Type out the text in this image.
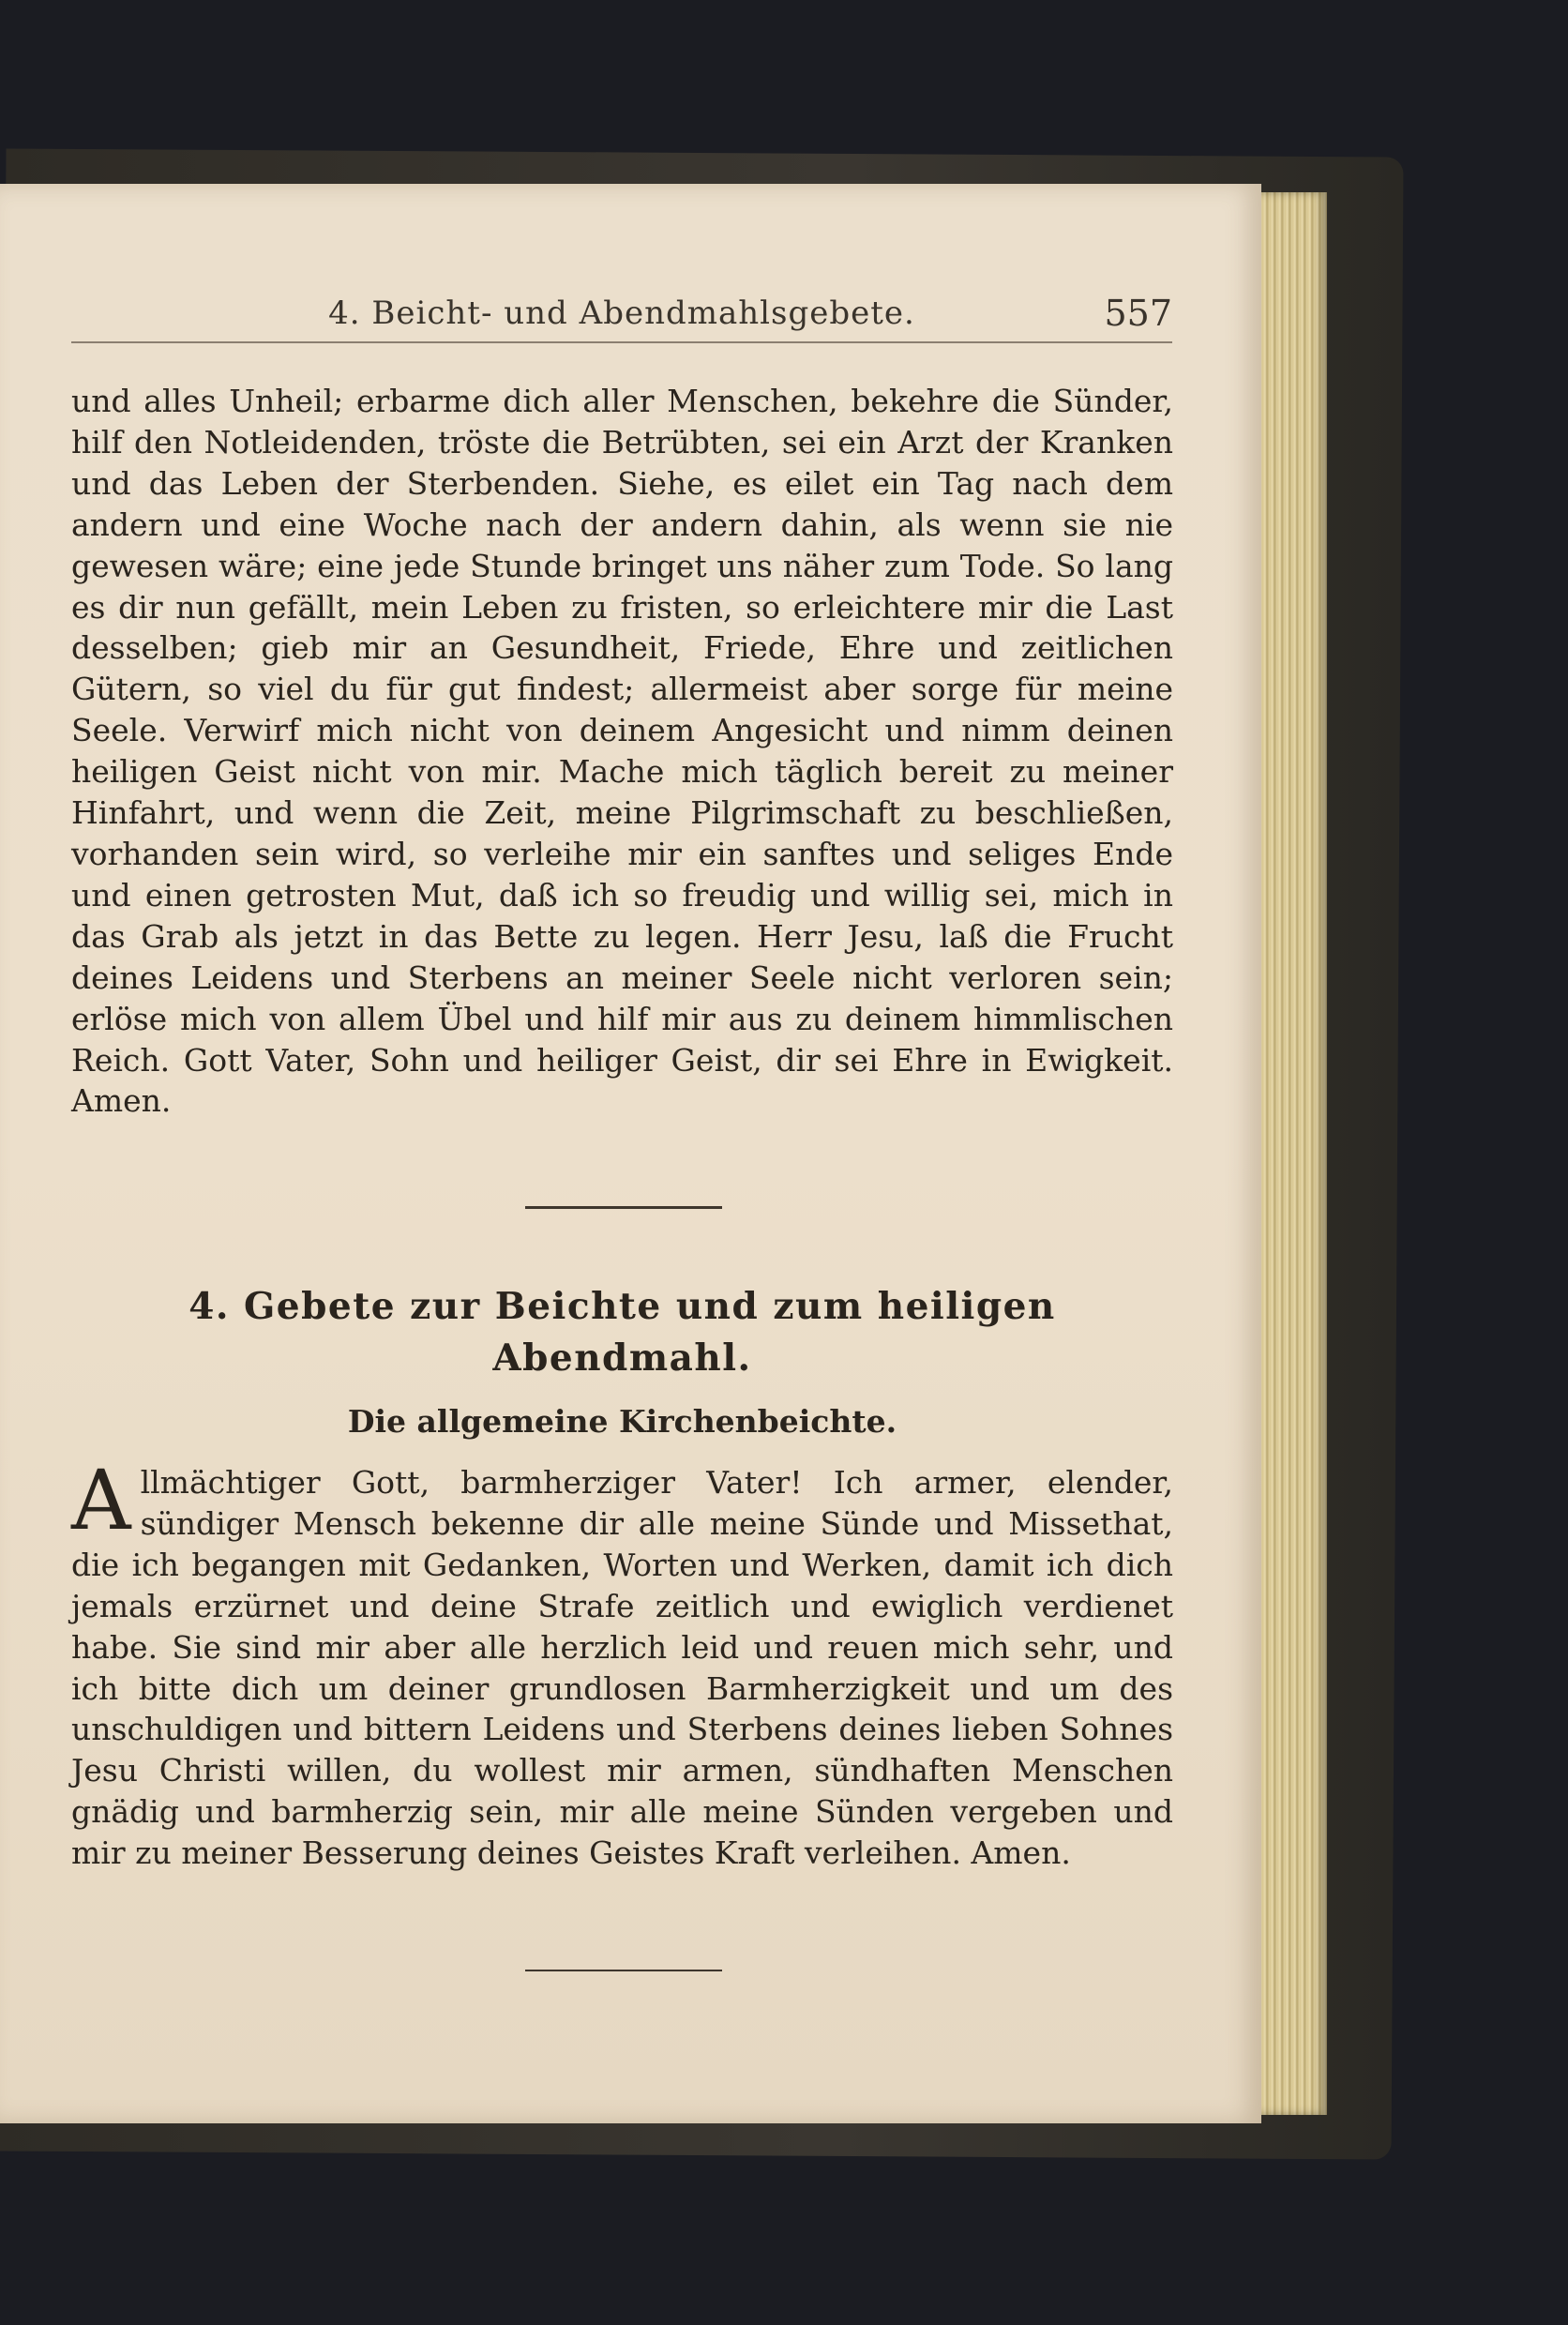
4. Beicht- und Abendmahlsgebete.	557

und alles Unheil; erbarme dich aller Menschen, bekehre die Sünder, hilf den Notleidenden, tröste die Betrübten, sei ein Arzt der Kranken und das Leben der Sterbenden. Siehe, es eilet ein Tag nach dem andern und eine Woche nach der andern dahin, als wenn sie nie gewesen wäre; eine jede Stunde bringet uns näher zum Tode. So lang es dir nun gefällt, mein Leben zu fristen, so erleichtere mir die Last desselben; gieb mir an Gesundheit, Friede, Ehre und zeitlichen Gütern, so viel du für gut findest; allermeist aber sorge für meine Seele. Verwirf mich nicht von deinem Angesicht und nimm deinen heiligen Geist nicht von mir. Mache mich täglich bereit zu meiner Hinfahrt, und wenn die Zeit, meine Pilgrimschaft zu beschließen, vorhanden sein wird, so verleihe mir ein sanftes und seliges Ende und einen getrosten Mut, daß ich so freudig und willig sei, mich in das Grab als jetzt in das Bette zu legen. Herr Jesu, laß die Frucht deines Leidens und Sterbens an meiner Seele nicht verloren sein; erlöse mich von allem Übel und hilf mir aus zu deinem himmlischen Reich. Gott Vater, Sohn und heiliger Geist, dir sei Ehre in Ewigkeit. Amen.

4. Gebete zur Beichte und zum heiligen
Abendmahl.
Die allgemeine Kirchenbeichte.

Allmächtiger Gott, barmherziger Vater! Ich armer, elender, sündiger Mensch bekenne dir alle meine Sünde und Missethat, die ich begangen mit Gedanken, Worten und Werken, damit ich dich jemals erzürnet und deine Strafe zeitlich und ewiglich verdienet habe. Sie sind mir aber alle herzlich leid und reuen mich sehr, und ich bitte dich um deiner grundlosen Barmherzigkeit und um des unschuldigen und bittern Leidens und Sterbens deines lieben Sohnes Jesu Christi willen, du wollest mir armen, sündhaften Menschen gnädig und barmherzig sein, mir alle meine Sünden vergeben und mir zu meiner Besserung deines Geistes Kraft verleihen. Amen.
